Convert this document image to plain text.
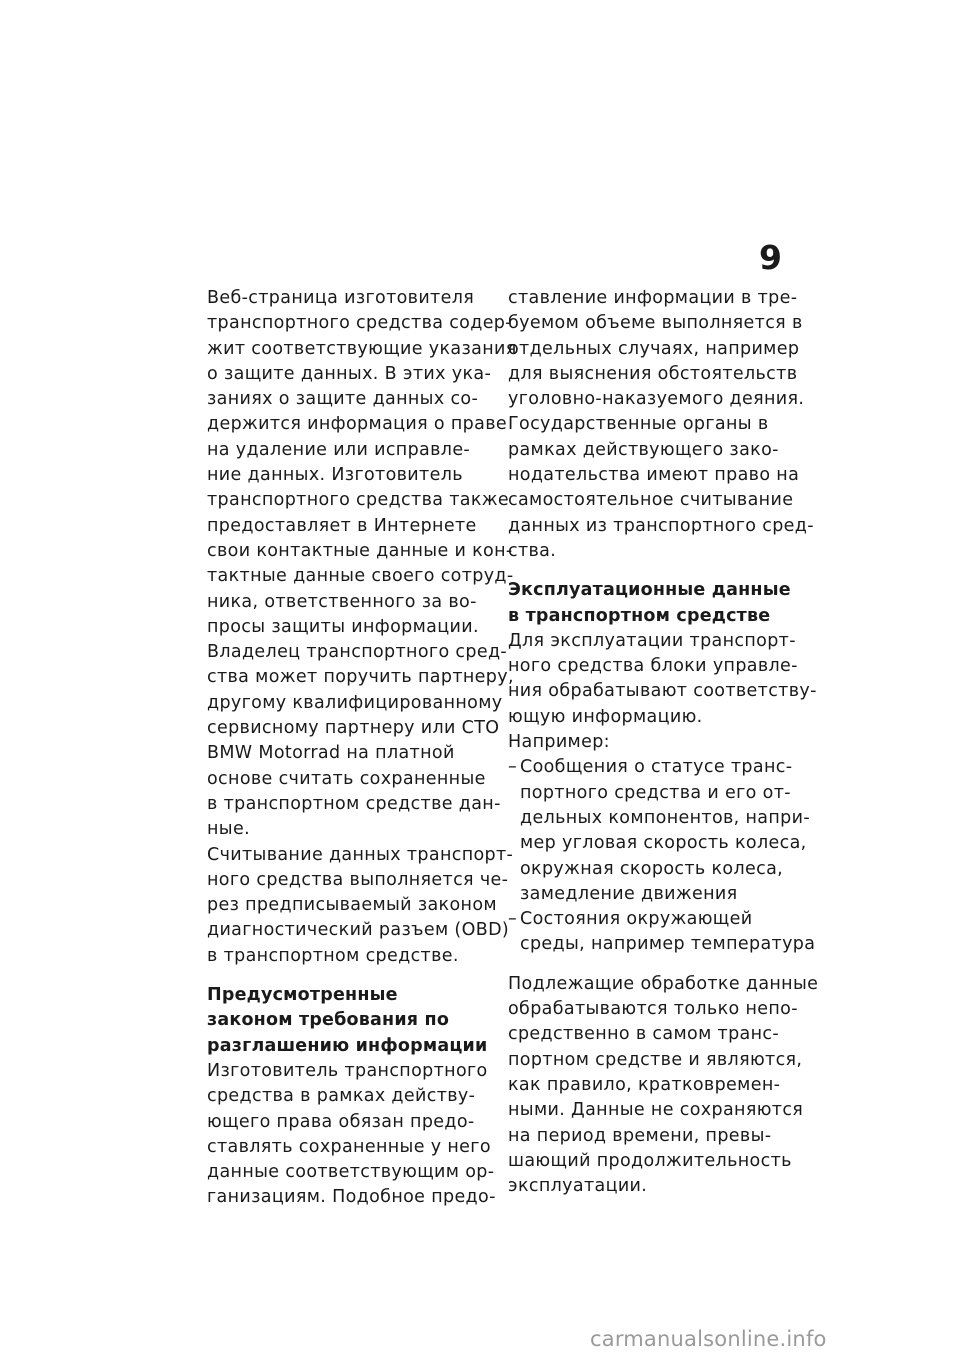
9
Веб-страница изготовителя
транспортного средства содер-
жит соответствующие указания
о защите данных. В этих ука-
заниях о защите данных со-
держится информация о праве
на удаление или исправле-
ние данных. Изготовитель
транспортного средства также
предоставляет в Интернете
свои контактные данные и кон-
тактные данные своего сотруд-
ника, ответственного за во-
просы защиты информации.
Владелец транспортного сред-
ства может поручить партнеру,
другому квалифицированному
сервисному партнеру или СТО
BMW Motorrad на платной
основе считать сохраненные
в транспортном средстве дан-
ные.
Считывание данных транспорт-
ного средства выполняется че-
рез предписываемый законом
диагностический разъем (OBD)
в транспортном средстве.
Предусмотренные
законом требования по
разглашению информации
Изготовитель транспортного
средства в рамках действу-
ющего права обязан предо-
ставлять сохраненные у него
данные соответствующим ор-
ганизациям. Подобное предо-
ставление информации в тре-
буемом объеме выполняется в
отдельных случаях, например
для выяснения обстоятельств
уголовно-наказуемого деяния.
Государственные органы в
рамках действующего зако-
нодательства имеют право на
самостоятельное считывание
данных из транспортного сред-
ства.
Эксплуатационные данные
в транспортном средстве
Для эксплуатации транспорт-
ного средства блоки управле-
ния обрабатывают соответству-
ющую информацию.
Например:
– Сообщения о статусе транс-
портного средства и его от-
дельных компонентов, напри-
мер угловая скорость колеса,
окружная скорость колеса,
замедление движения
– Состояния окружающей
среды, например температура
Подлежащие обработке данные
обрабатываются только непо-
средственно в самом транс-
портном средстве и являются,
как правило, кратковремен-
ными. Данные не сохраняются
на период времени, превы-
шающий продолжительность
эксплуатации.
carmanualsonline.info
